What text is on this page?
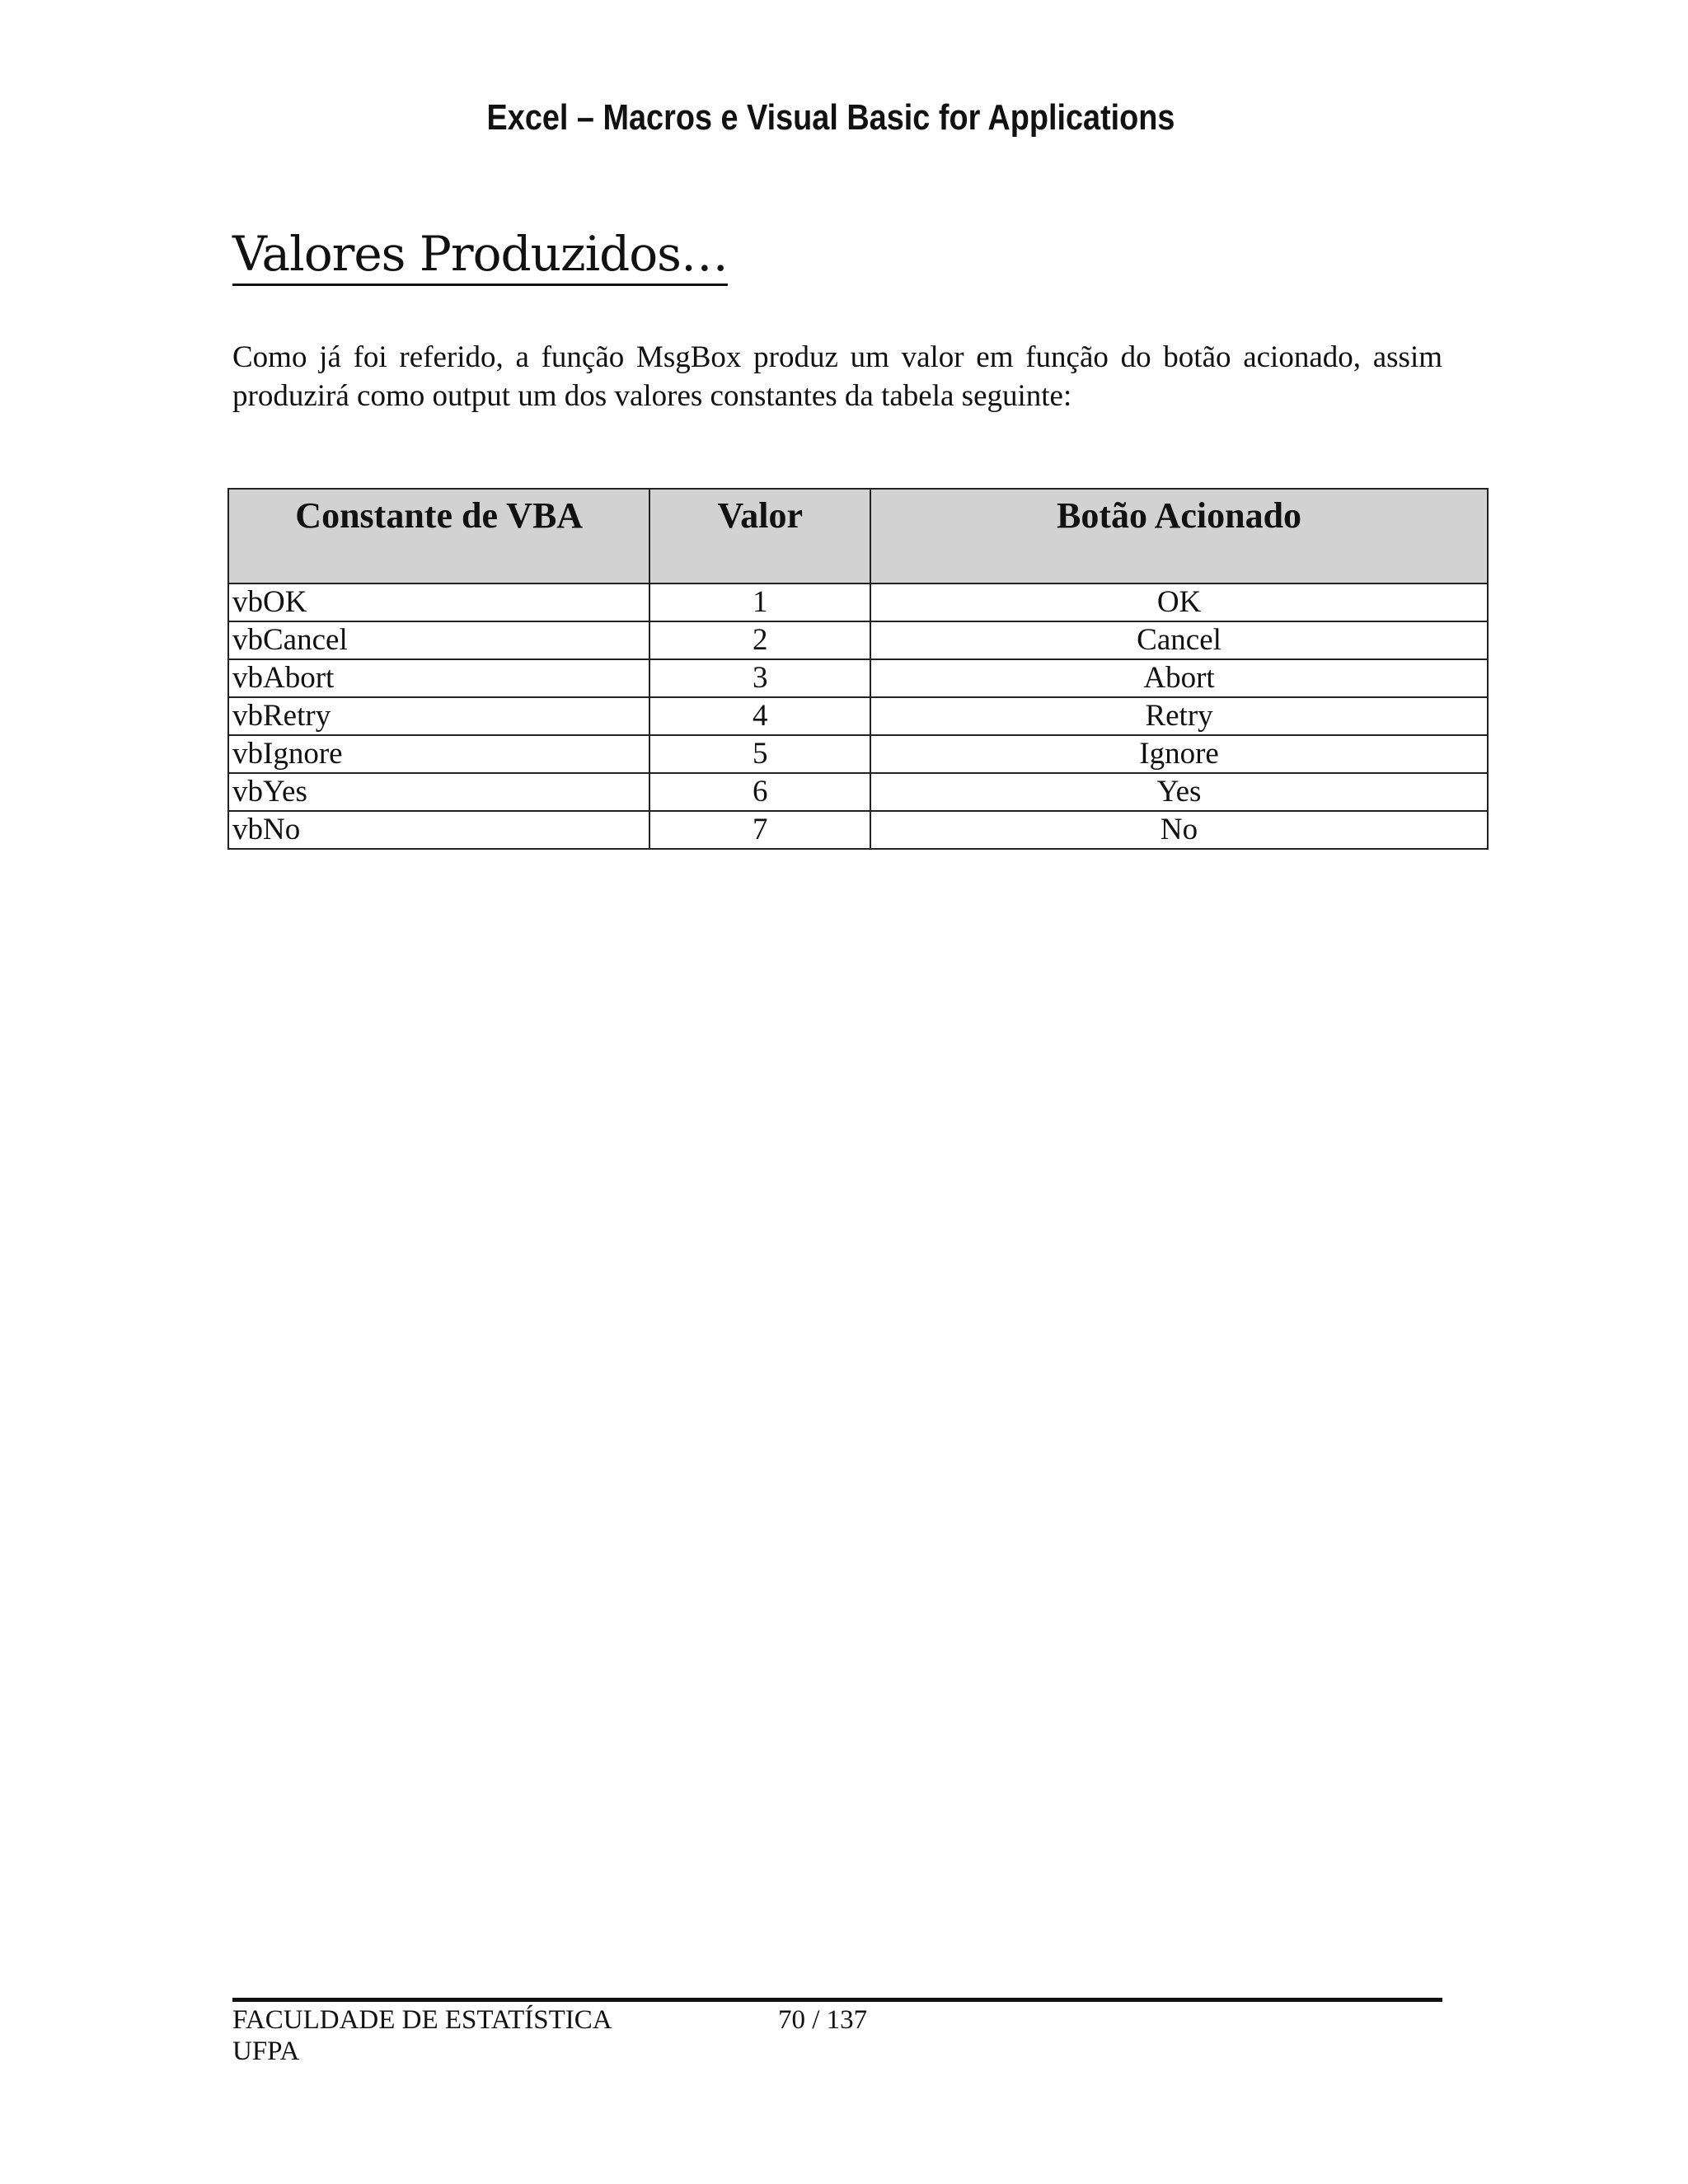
Excel – Macros e Visual Basic for Applications
Valores Produzidos…

Como já foi referido, a função MsgBox produz um valor em função do botão acionado, assim produzirá como output um dos valores constantes da tabela seguinte:

Constante de VBA	Valor	Botão Acionado
vbOK	1	OK
vbCancel	2	Cancel
vbAbort	3	Abort
vbRetry	4	Retry
vbIgnore	5	Ignore
vbYes	6	Yes
vbNo	7	No
FACULDADE DE ESTATÍSTICA
UFPA
70 / 137
